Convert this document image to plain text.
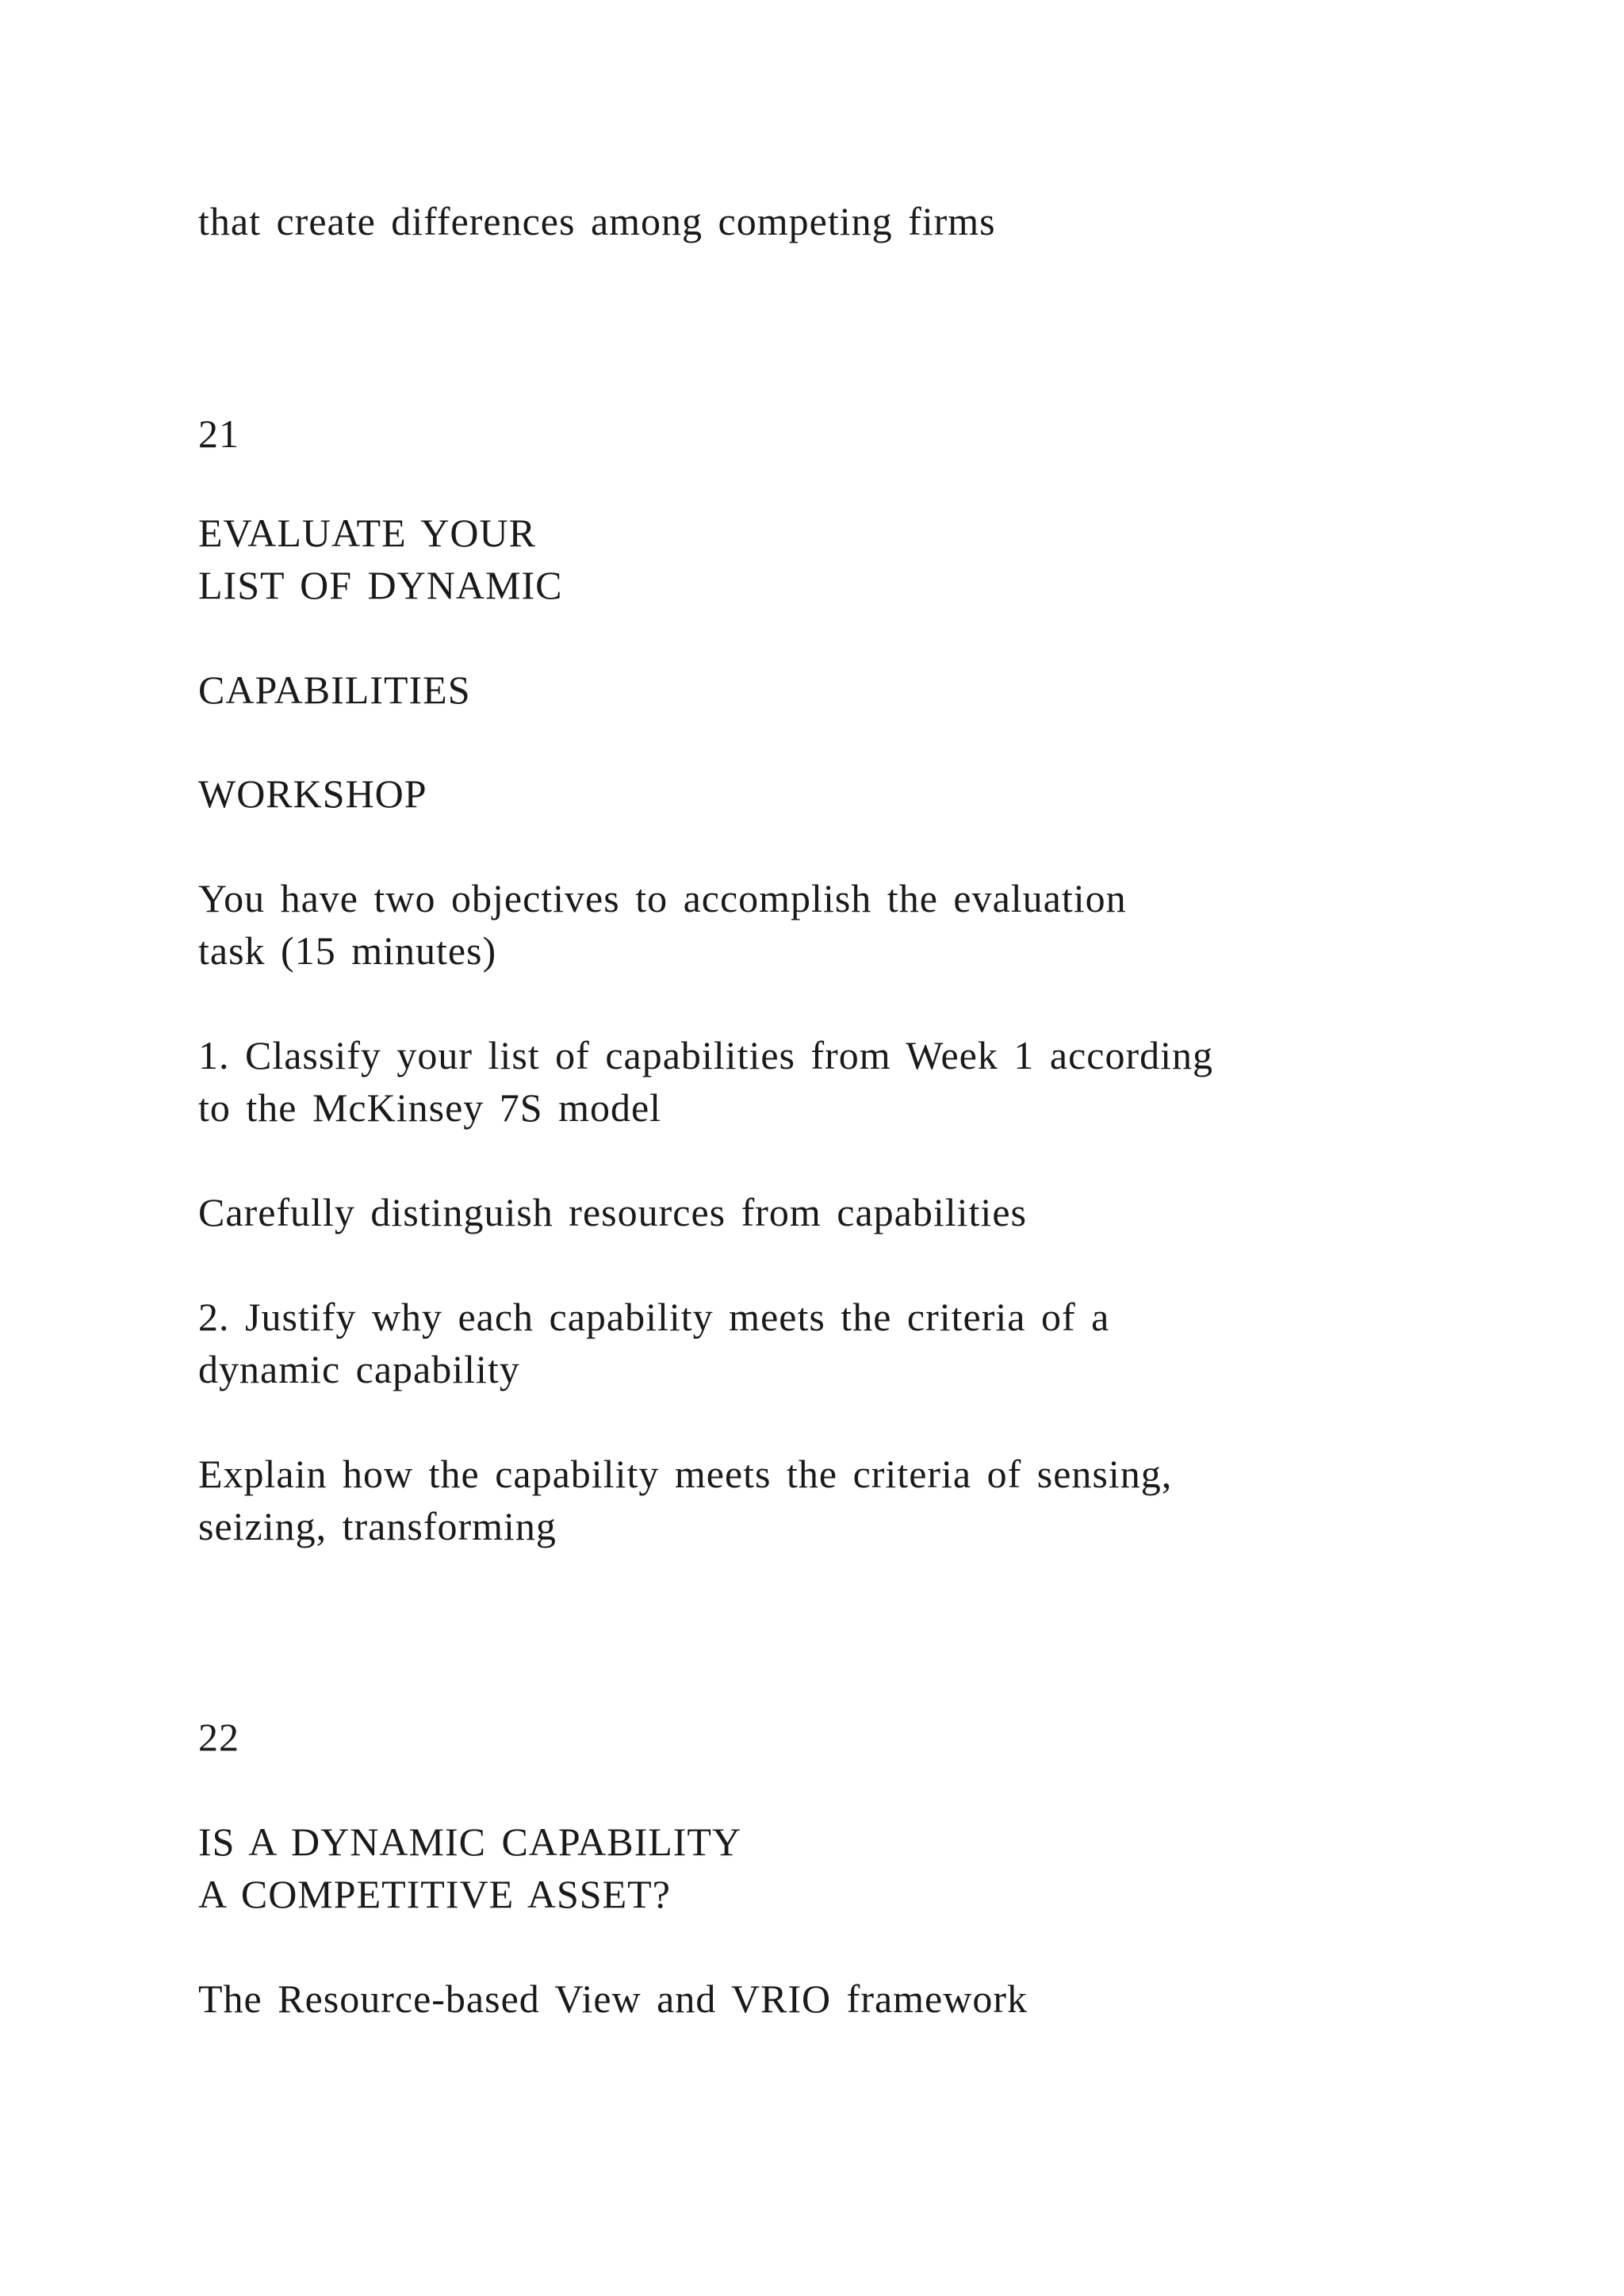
that create differences among competing firms
21
EVALUATE YOUR
LIST OF DYNAMIC
CAPABILITIES
WORKSHOP
You have two objectives to accomplish the evaluation
task (15 minutes)
1. Classify your list of capabilities from Week 1 according
to the McKinsey 7S model
Carefully distinguish resources from capabilities
2. Justify why each capability meets the criteria of a
dynamic capability
Explain how the capability meets the criteria of sensing,
seizing, transforming
22
IS A DYNAMIC CAPABILITY
A COMPETITIVE ASSET?
The Resource-based View and VRIO framework
